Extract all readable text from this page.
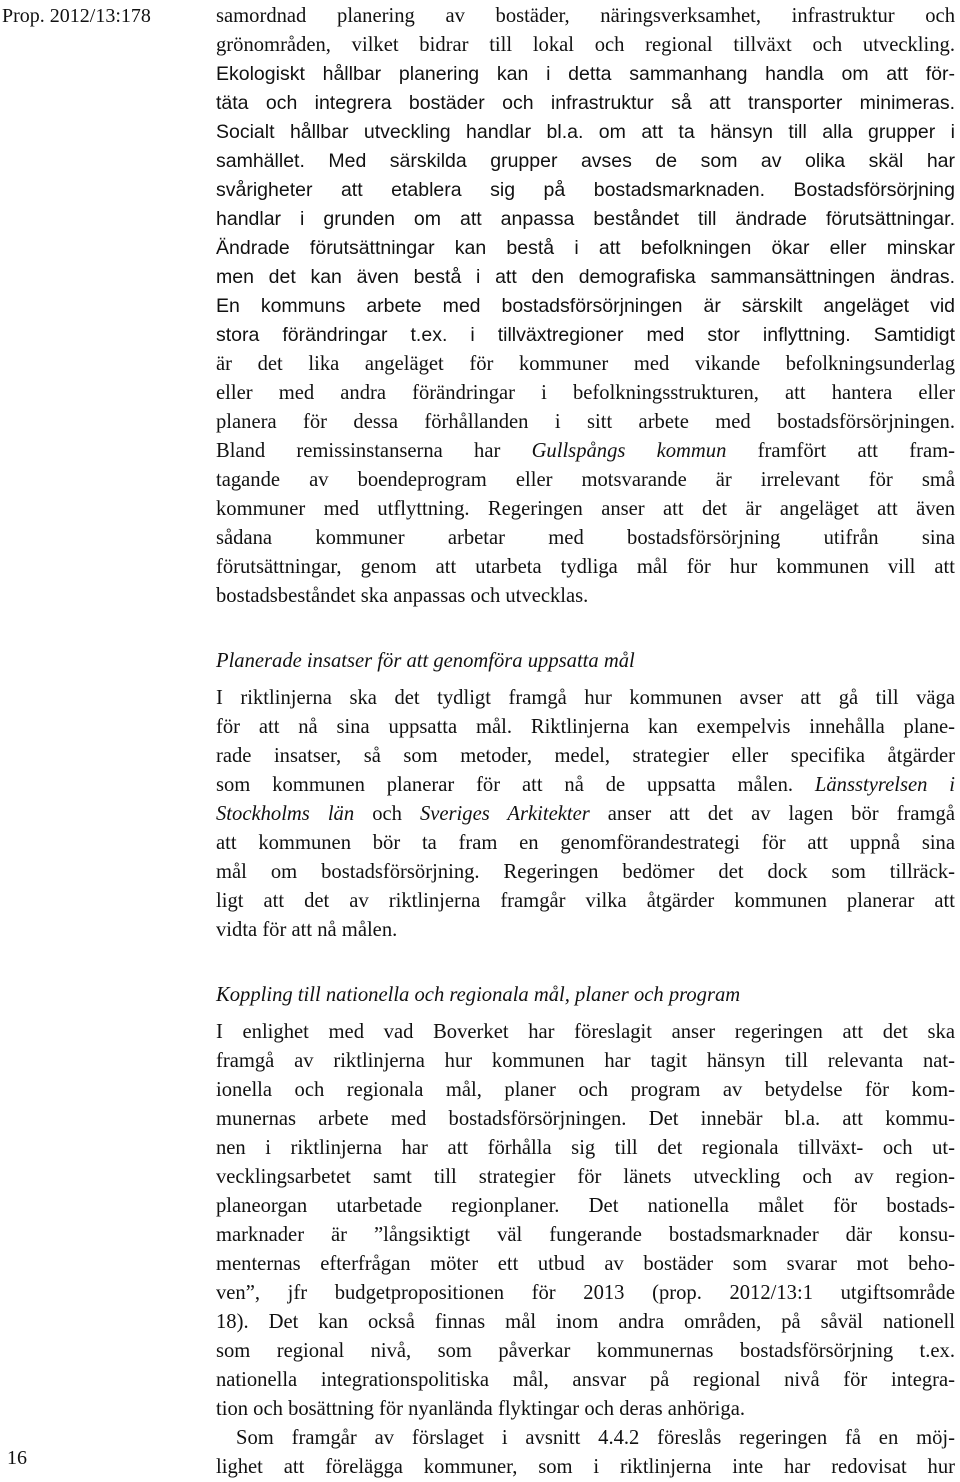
Prop. 2012/13:178	samordnad planering av bostäder, näringsverksamhet, infrastruktur och
grönområden, vilket bidrar till lokal och regional tillväxt och utveckling.
Ekologiskt hållbar planering kan i detta sammanhang handla om att för-
täta och integrera bostäder och infrastruktur så att transporter minimeras.
Socialt hållbar utveckling handlar bl.a. om att ta hänsyn till alla grupper i
samhället. Med särskilda grupper avses de som av olika skäl har
svårigheter att etablera sig på bostadsmarknaden. Bostadsförsörjning
handlar i grunden om att anpassa beståndet till ändrade förutsättningar.
Ändrade förutsättningar kan bestå i att befolkningen ökar eller minskar
men det kan även bestå i att den demografiska sammansättningen ändras.
En kommuns arbete med bostadsförsörjningen är särskilt angeläget vid
stora förändringar t.ex. i tillväxtregioner med stor inflyttning. Samtidigt
är det lika angeläget för kommuner med vikande befolkningsunderlag
eller med andra förändringar i befolkningsstrukturen, att hantera eller
planera för dessa förhållanden i sitt arbete med bostadsförsörjningen.
Bland remissinstanserna har Gullspångs kommun framfört att fram-
tagande av boendeprogram eller motsvarande är irrelevant för små
kommuner med utflyttning. Regeringen anser att det är angeläget att även
sådana kommuner arbetar med bostadsförsörjning utifrån sina
förutsättningar, genom att utarbeta tydliga mål för hur kommunen vill att
bostadsbeståndet ska anpassas och utvecklas.

Planerade insatser för att genomföra uppsatta mål

I riktlinjerna ska det tydligt framgå hur kommunen avser att gå till väga
för att nå sina uppsatta mål. Riktlinjerna kan exempelvis innehålla plane-
rade insatser, så som metoder, medel, strategier eller specifika åtgärder
som kommunen planerar för att nå de uppsatta målen. Länsstyrelsen i
Stockholms län och Sveriges Arkitekter anser att det av lagen bör framgå
att kommunen bör ta fram en genomförandestrategi för att uppnå sina
mål om bostadsförsörjning. Regeringen bedömer det dock som tillräck-
ligt att det av riktlinjerna framgår vilka åtgärder kommunen planerar att
vidta för att nå målen.

Koppling till nationella och regionala mål, planer och program

I enlighet med vad Boverket har föreslagit anser regeringen att det ska
framgå av riktlinjerna hur kommunen har tagit hänsyn till relevanta nat-
ionella och regionala mål, planer och program av betydelse för kom-
munernas arbete med bostadsförsörjningen. Det innebär bl.a. att kommu-
nen i riktlinjerna har att förhålla sig till det regionala tillväxt- och ut-
vecklingsarbetet samt till strategier för länets utveckling och av region-
planeorgan utarbetade regionplaner. Det nationella målet för bostads-
marknader är ”långsiktigt väl fungerande bostadsmarknader där konsu-
menternas efterfrågan möter ett utbud av bostäder som svarar mot beho-
ven”, jfr budgetpropositionen för 2013 (prop. 2012/13:1 utgiftsområde
18). Det kan också finnas mål inom andra områden, på såväl nationell
som regional nivå, som påverkar kommunernas bostadsförsörjning t.ex.
nationella integrationspolitiska mål, ansvar på regional nivå för integra-
tion och bosättning för nyanlända flyktingar och deras anhöriga.

Som framgår av förslaget i avsnitt 4.4.2 föreslås regeringen få en möj-

lighet att förelägga kommuner, som i riktlinjerna inte har redovisat hur

16
